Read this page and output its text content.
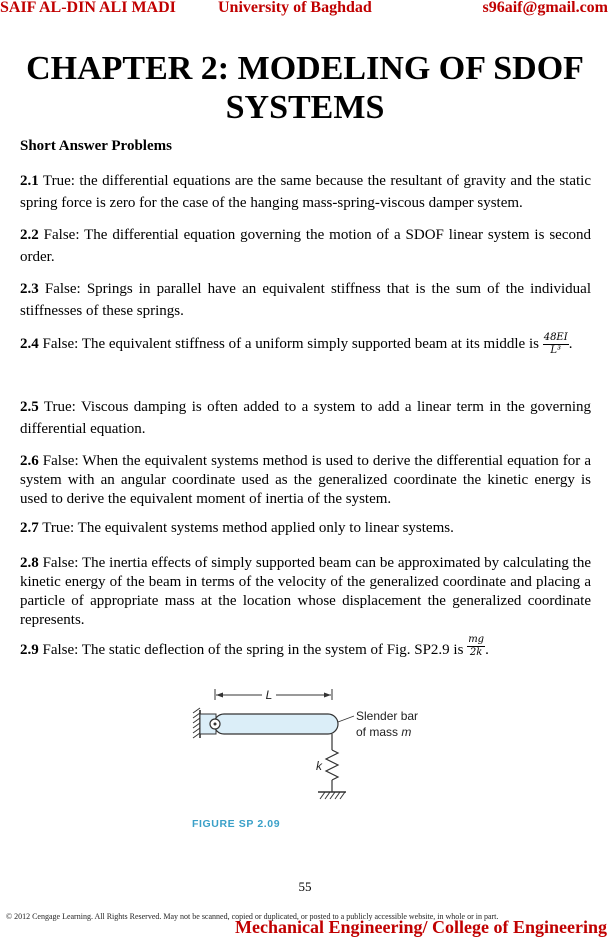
SAIF AL-DIN ALI MADI	University of Baghdad	s96aif@gmail.com
CHAPTER 2: MODELING OF SDOF
SYSTEMS
Short Answer Problems

2.1 True: the differential equations are the same because the resultant of gravity and the static spring force is zero for the case of the hanging mass-spring-viscous damper system.

2.2 False: The differential equation governing the motion of a SDOF linear system is second order.

2.3 False: Springs in parallel have an equivalent stiffness that is the sum of the individual stiffnesses of these springs.

2.4 False: The equivalent stiffness of a uniform simply supported beam at its middle is $\frac{48EI}{\text{L³}}$ .

2.5 True: Viscous damping is often added to a system to add a linear term in the governing differential equation.

2.6 False: When the equivalent systems method is used to derive the differential equation for a system with an angular coordinate used as the generalized coordinate the kinetic energy is used to derive the equivalent moment of inertia of the system.

2.7 True: The equivalent systems method applied only to linear systems.

2.8 False: The inertia effects of simply supported beam can be approximated by calculating the kinetic energy of the beam in terms of the velocity of the generalized coordinate and placing a particle of appropriate mass at the location whose displacement the generalized coordinate represents.

2.9 False: The static deflection of the spring in the system of Fig. SP2.9 is $\frac{mg}{2k}$ .

L
Slender bar
of mass m
k
FIGURE SP 2.09
55
© 2012 Cengage Learning. All Rights Reserved. May not be scanned, copied or duplicated, or posted to a publicly accessible website, in whole or in part.
Mechanical Engineering/ College of Engineering
